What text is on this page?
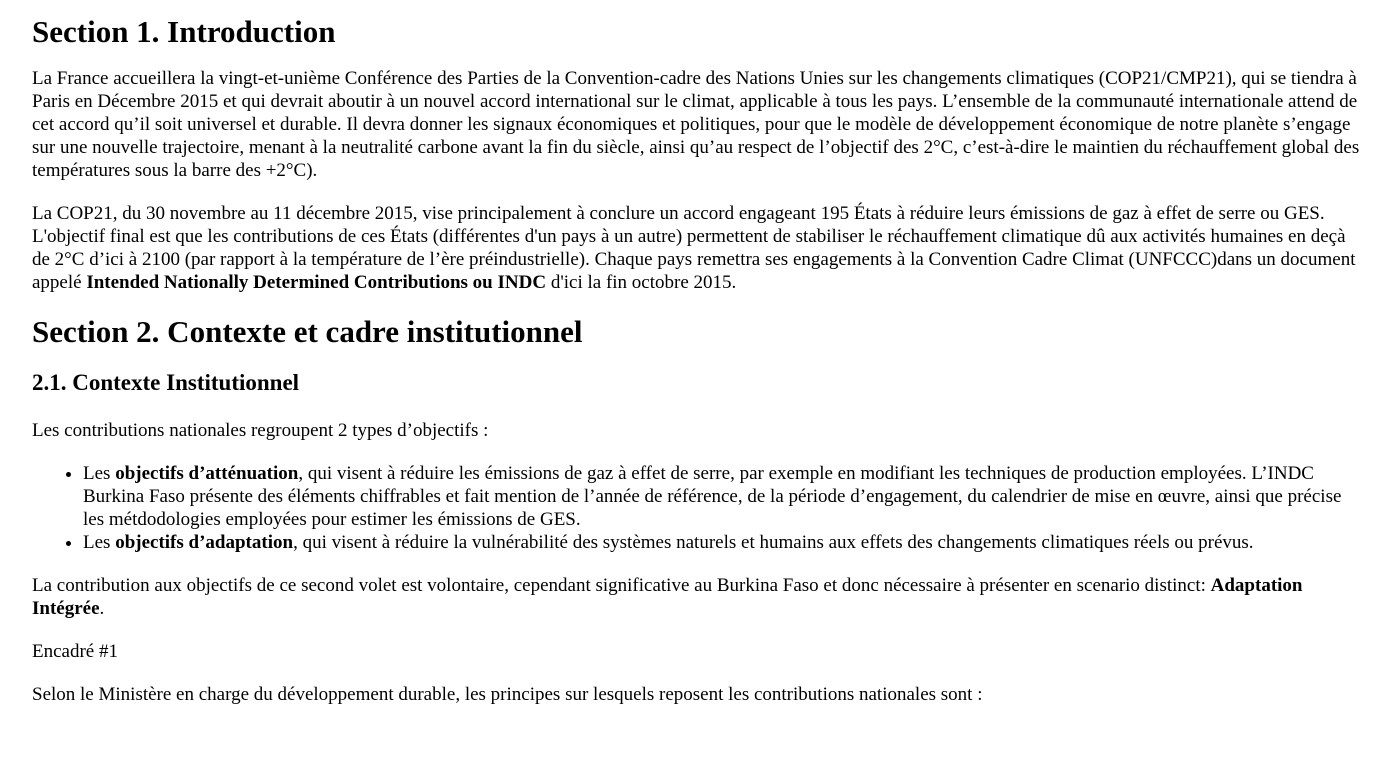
Section 1. Introduction

La France accueillera la vingt-et-unième Conférence des Parties de la Convention-cadre des Nations Unies sur les changements climatiques (COP21/CMP21), qui se tiendra à Paris en Décembre 2015 et qui devrait aboutir à un nouvel accord international sur le climat, applicable à tous les pays. L’ensemble de la communauté internationale attend de cet accord qu’il soit universel et durable. Il devra donner les signaux économiques et politiques, pour que le modèle de développement économique de notre planète s’engage sur une nouvelle trajectoire, menant à la neutralité carbone avant la fin du siècle, ainsi qu’au respect de l’objectif des 2°C, c’est-à-dire le maintien du réchauffement global des températures sous la barre des +2°C).

La COP21, du 30 novembre au 11 décembre 2015, vise principalement à conclure un accord engageant 195 États à réduire leurs émissions de gaz à effet de serre ou GES. L'objectif final est que les contributions de ces États (différentes d'un pays à un autre) permettent de stabiliser le réchauffement climatique dû aux activités humaines en deçà de 2°C d’ici à 2100 (par rapport à la température de l’ère préindustrielle). Chaque pays remettra ses engagements à la Convention Cadre Climat (UNFCCC)dans un document appelé Intended Nationally Determined Contributions ou INDC d'ici la fin octobre 2015.

Section 2. Contexte et cadre institutionnel
2.1. Contexte Institutionnel

Les contributions nationales regroupent 2 types d’objectifs :

• Les objectifs d’atténuation, qui visent à réduire les émissions de gaz à effet de serre, par exemple en modifiant les techniques de production employées. L’INDC Burkina Faso présente des éléments chiffrables et fait mention de l’année de référence, de la période d’engagement, du calendrier de mise en œuvre, ainsi que précise les métdodologies employées pour estimer les émissions de GES.
• Les objectifs d’adaptation, qui visent à réduire la vulnérabilité des systèmes naturels et humains aux effets des changements climatiques réels ou prévus.

La contribution aux objectifs de ce second volet est volontaire, cependant significative au Burkina Faso et donc nécessaire à présenter en scenario distinct: Adaptation Intégrée.

Encadré #1

Selon le Ministère en charge du développement durable, les principes sur lesquels reposent les contributions nationales sont :
